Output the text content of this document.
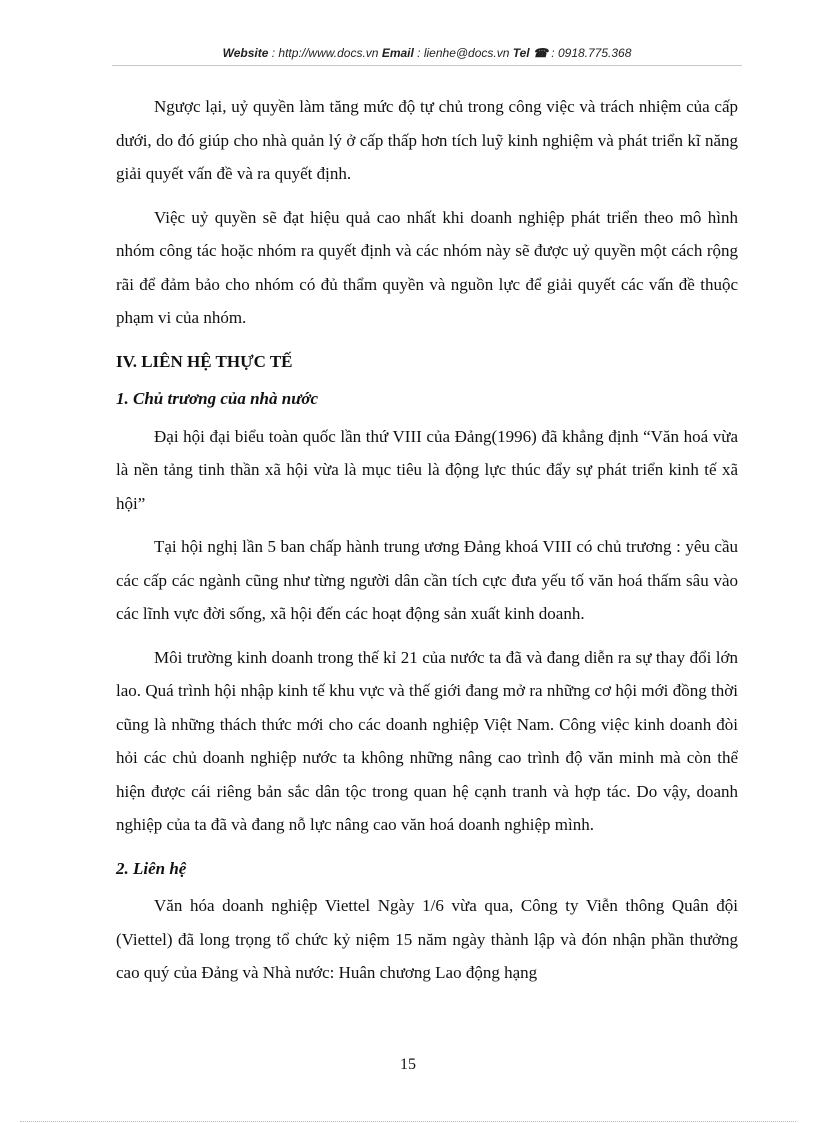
Website : http://www.docs.vn Email : lienhe@docs.vn Tel ☎ : 0918.775.368

Ngược lại, uỷ quyền làm tăng mức độ tự chủ trong công việc và trách nhiệm của cấp dưới, do đó giúp cho nhà quản lý ở cấp thấp hơn tích luỹ kinh nghiệm và phát triển kĩ năng giải quyết vấn đề và ra quyết định.

Việc uỷ quyền sẽ đạt hiệu quả cao nhất khi doanh nghiệp phát triển theo mô hình nhóm công tác hoặc nhóm ra quyết định và các nhóm này sẽ được uỷ quyền một cách rộng rãi để đảm bảo cho nhóm có đủ thẩm quyền và nguồn lực để giải quyết các vấn đề thuộc phạm vi của nhóm.

IV. LIÊN HỆ THỰC TẾ
1. Chủ trương của nhà nước

Đại hội đại biểu toàn quốc lần thứ VIII của Đảng(1996) đã khẳng định “Văn hoá vừa là nền tảng tinh thần xã hội vừa là mục tiêu là động lực thúc đẩy sự phát triển kinh tế xã hội”

Tại hội nghị lần 5 ban chấp hành trung ương Đảng khoá VIII có chủ trương : yêu cầu các cấp các ngành cũng như từng người dân cần tích cực đưa yếu tố văn hoá thấm sâu vào các lĩnh vực đời sống, xã hội đến các hoạt động sản xuất kinh doanh.

Môi trường kinh doanh trong thế kỉ 21 của nước ta đã và đang diễn ra sự thay đổi lớn lao. Quá trình hội nhập kinh tế khu vực và thế giới đang mở ra những cơ hội mới đồng thời cũng là những thách thức mới cho các doanh nghiệp Việt Nam. Công việc kinh doanh đòi hỏi các chủ doanh nghiệp nước ta không những nâng cao trình độ văn minh mà còn thể hiện được cái riêng bản sắc dân tộc trong quan hệ cạnh tranh và hợp tác. Do vậy, doanh nghiệp của ta đã và đang nỗ lực nâng cao văn hoá doanh nghiệp mình.

2. Liên hệ

Văn hóa doanh nghiệp Viettel Ngày 1/6 vừa qua, Công ty Viễn thông Quân đội (Viettel) đã long trọng tổ chức kỷ niệm 15 năm ngày thành lập và đón nhận phần thưởng cao quý của Đảng và Nhà nước: Huân chương Lao động hạng

15
